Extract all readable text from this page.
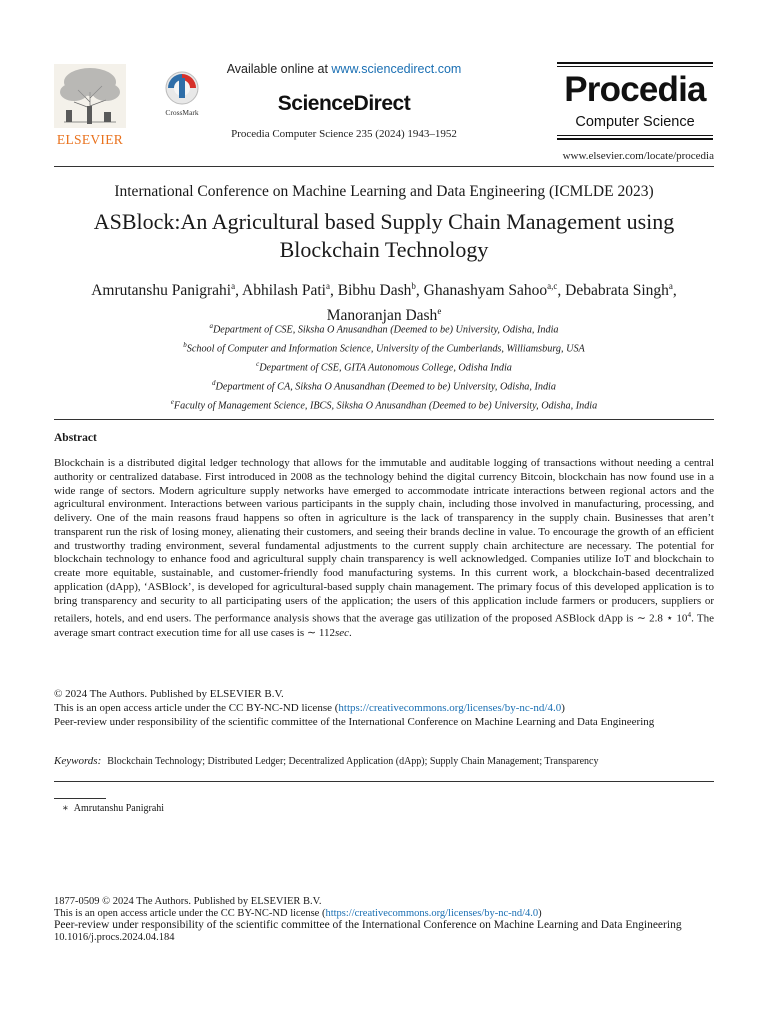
ELSEVIER
CrossMark
Available online at www.sciencedirect.com
ScienceDirect
Procedia Computer Science 235 (2024) 1943–1952
Procedia
Computer Science
www.elsevier.com/locate/procedia
International Conference on Machine Learning and Data Engineering (ICMLDE 2023)
ASBlock:An Agricultural based Supply Chain Management using
Blockchain Technology
Amrutanshu Panigrahi$^a$, Abhilash Pati$^a$, Bibhu Dash$^b$, Ghanashyam Sahoo$^{a,c}$, Debabrata Singh$^a$, Manoranjan Dash$^e$
$^a$Department of CSE, Siksha O Anusandhan (Deemed to be) University, Odisha, India
$^b$School of Computer and Information Science, University of the Cumberlands, Williamsburg, USA
$^c$Department of CSE, GITA Autonomous College, Odisha India
$^d$Department of CA, Siksha O Anusandhan (Deemed to be) University, Odisha, India
$^e$Faculty of Management Science, IBCS, Siksha O Anusandhan (Deemed to be) University, Odisha, India
Abstract
Blockchain is a distributed digital ledger technology that allows for the immutable and auditable logging of transactions without needing a central authority or centralized database. First introduced in 2008 as the technology behind the digital currency Bitcoin, blockchain has now found use in a wide range of sectors. Modern agriculture supply networks have emerged to accommodate intricate interactions between regional actors and the agricultural environment. Interactions between various participants in the supply chain, including those involved in manufacturing, processing, and delivery. One of the main reasons fraud happens so often in agriculture is the lack of transparency in the supply chain. Businesses that aren’t transparent run the risk of losing money, alienating their customers, and seeing their brands decline in value. To encourage the growth of an efficient and trustworthy trading environment, several fundamental adjustments to the current supply chain architecture are necessary. The potential for blockchain technology to enhance food and agricultural supply chain transparency is well acknowledged. Companies utilize IoT and blockchain to create more equitable, sustainable, and customer-friendly food manufacturing systems. In this current work, a blockchain-based decentralized application (dApp), ‘ASBlock’, is developed for agricultural-based supply chain management. The primary focus of this developed application is to bring transparency and security to all participating users of the application; the users of this application include farmers or producers, suppliers or retailers, hotels, and end users. The performance analysis shows that the average gas utilization of the proposed ASBlock dApp is ∼ 2.8 ⋆ $10^4$. The average smart contract execution time for all use cases is ∼ 112sec.
© 2024 The Authors. Published by ELSEVIER B.V.
This is an open access article under the CC BY-NC-ND license (https://creativecommons.org/licenses/by-nc-nd/4.0)
Peer-review under responsibility of the scientific committee of the International Conference on Machine Learning and Data Engineering
Keywords: Blockchain Technology; Distributed Ledger; Decentralized Application (dApp); Supply Chain Management; Transparency
∗ Amrutanshu Panigrahi
1877-0509 © 2024 The Authors. Published by ELSEVIER B.V.
This is an open access article under the CC BY-NC-ND license (https://creativecommons.org/licenses/by-nc-nd/4.0)
Peer-review under responsibility of the scientific committee of the International Conference on Machine Learning and Data Engineering
10.1016/j.procs.2024.04.184
